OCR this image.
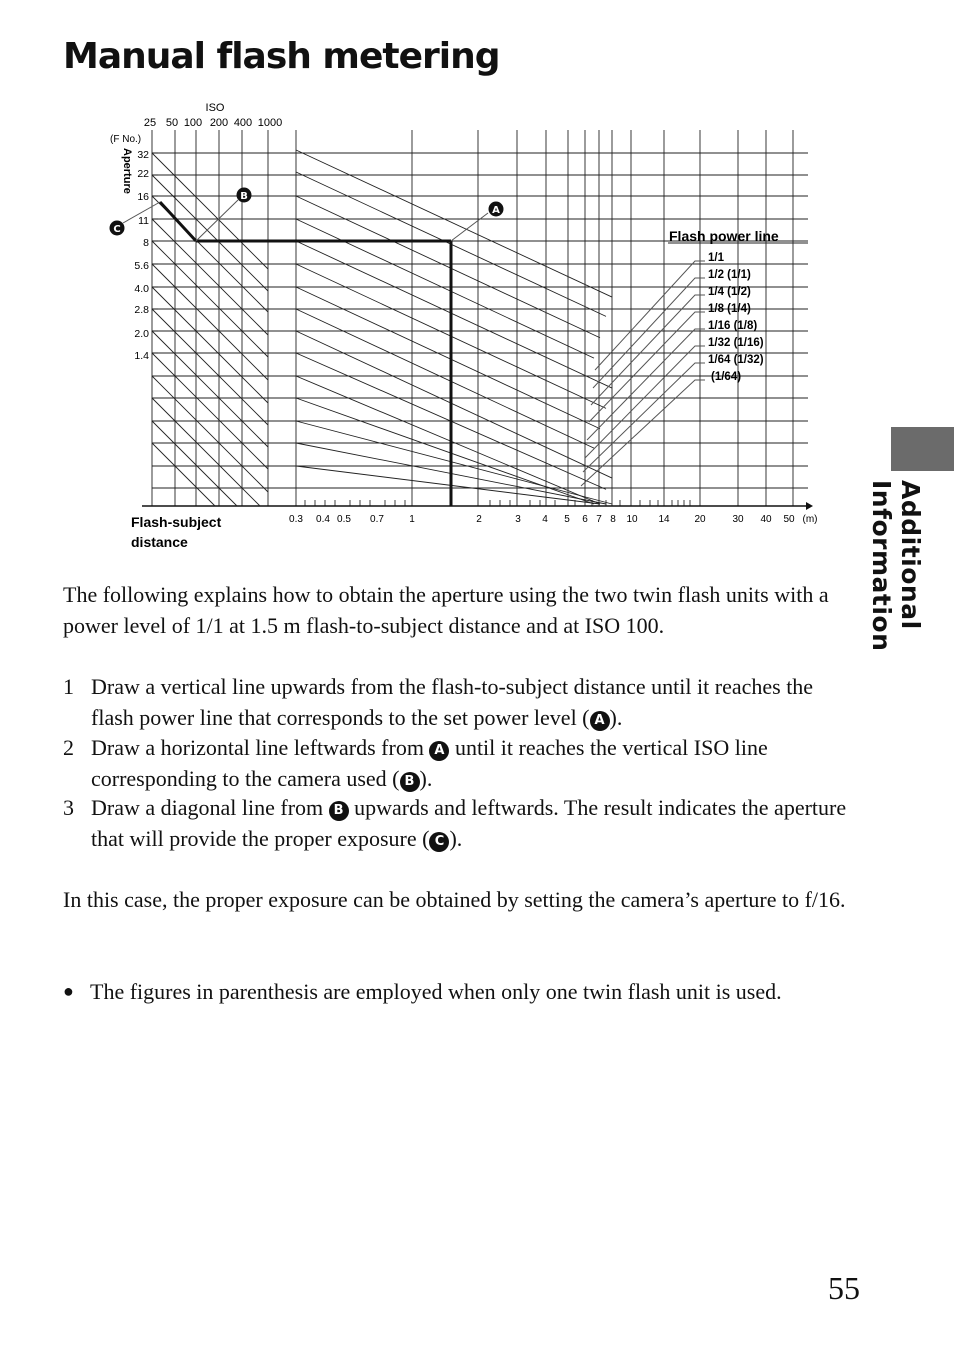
Manual flash metering
ISO
25 50 100 200 400 1000
(F No.)
Aperture 32
22
16
11
8
5.6
4.0
2.8
2.0
1.4
0.3 0.4 0.5 0.7	1	2	3 4 5 6 7 8 10 14 20	30 40 50 (m)
Flash-subject
distance
Flash power line
1/1
1/2 (1/1)
1/4 (1/2)
1/8 (1/4)
1/16 (1/8)
1/32 (1/16)
1/64 (1/32)
(1/64)
A
B
C

The following explains how to obtain the aperture using the two twin flash units with a power level of 1/1 at 1.5 m flash-to-subject distance and at ISO 100.

1 Draw a vertical line upwards from the flash-to-subject distance until it reaches the flash power line that corresponds to the set power level ( A ).
2 Draw a horizontal line leftwards from A until it reaches the vertical ISO line corresponding to the camera used ( B ).
3 Draw a diagonal line from B upwards and leftwards. The result indicates the aperture that will provide the proper exposure ( C ).

In this case, the proper exposure can be obtained by setting the camera’s aperture to f/16.

● The figures in parenthesis are employed when only one twin flash unit is used.
Additional Information
55
